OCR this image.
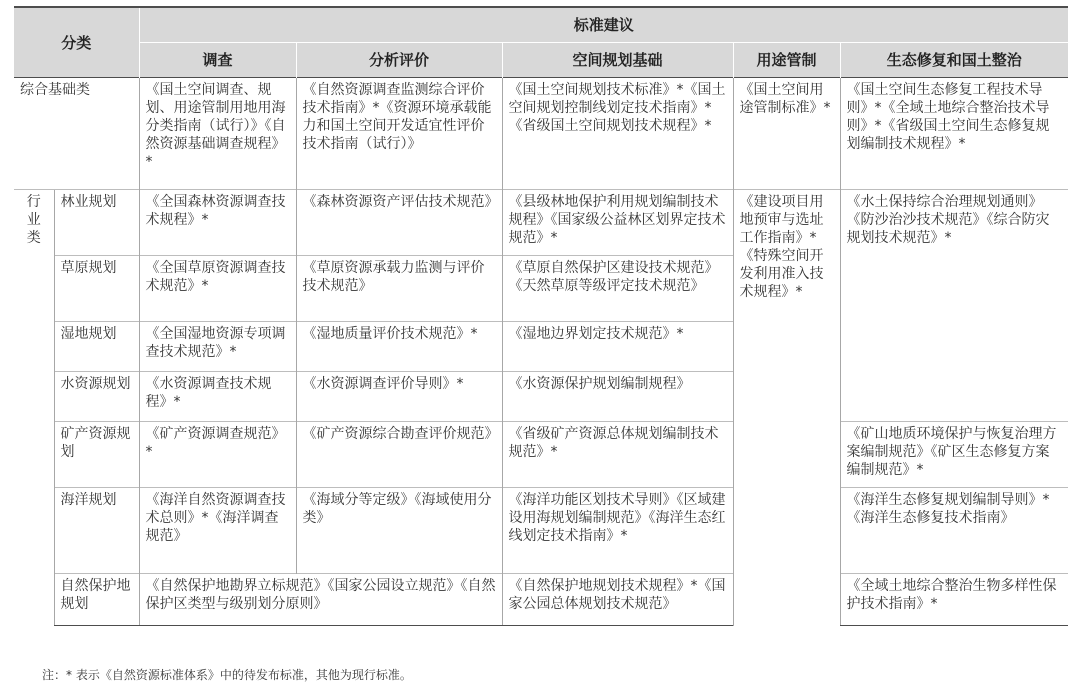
分类		标准建议				
		调查	分析评价	空间规划基础	用途管制	生态修复和国土整治
综合基础类		《国土空间调查、规划、用途管制用地用海分类指南（试行）》《自然资源基础调查规程》*	《自然资源调查监测综合评价技术指南》*《资源环境承载能力和国土空间开发适宜性评价技术指南（试行）》	《国土空间规划技术标准》*《国土空间规划控制线划定技术指南》*《省级国土空间规划技术规程》*	《国土空间用途管制标准》*	《国土空间生态修复工程技术导则》*《全域土地综合整治技术导则》*《省级国土空间生态修复规划编制技术规程》*

行
业
类	林业规划	《全国森林资源调查技术规程》*	《森林资源资产评估技术规范》	《县级林地保护利用规划编制技术规程》《国家级公益林区划界定技术规范》*	《建设项目用地预审与选址工作指南》*《特殊空间开发利用准入技术规程》*	《水土保持综合治理规划通则》《防沙治沙技术规范》《综合防灾规划技术规范》*
	草原规划	《全国草原资源调查技术规范》*	《草原资源承载力监测与评价技术规范》	《草原自然保护区建设技术规范》《天然草原等级评定技术规范》		
	湿地规划	《全国湿地资源专项调查技术规范》*	《湿地质量评价技术规范》*	《湿地边界划定技术规范》*		
	水资源规划	《水资源调查技术规程》*	《水资源调查评价导则》*	《水资源保护规划编制规程》		
	矿产资源规划	《矿产资源调查规范》*	《矿产资源综合勘查评价规范》	《省级矿产资源总体规划编制技术规范》*		《矿山地质环境保护与恢复治理方案编制规范》《矿区生态修复方案编制规范》*
	海洋规划	《海洋自然资源调查技术总则》*《海洋调查规范》	《海域分等定级》《海域使用分类》	《海洋功能区划技术导则》《区域建设用海规划编制规范》《海洋生态红线划定技术指南》*		《海洋生态修复规划编制导则》*《海洋生态修复技术指南》
	自然保护地规划	《自然保护地勘界立标规范》《国家公园设立规范》《自然保护区类型与级别划分原则》		《自然保护地规划技术规程》*《国家公园总体规划技术规范》		《全域土地综合整治生物多样性保护技术指南》*
注：* 表示《自然资源标准体系》中的待发布标准，其他为现行标准。
